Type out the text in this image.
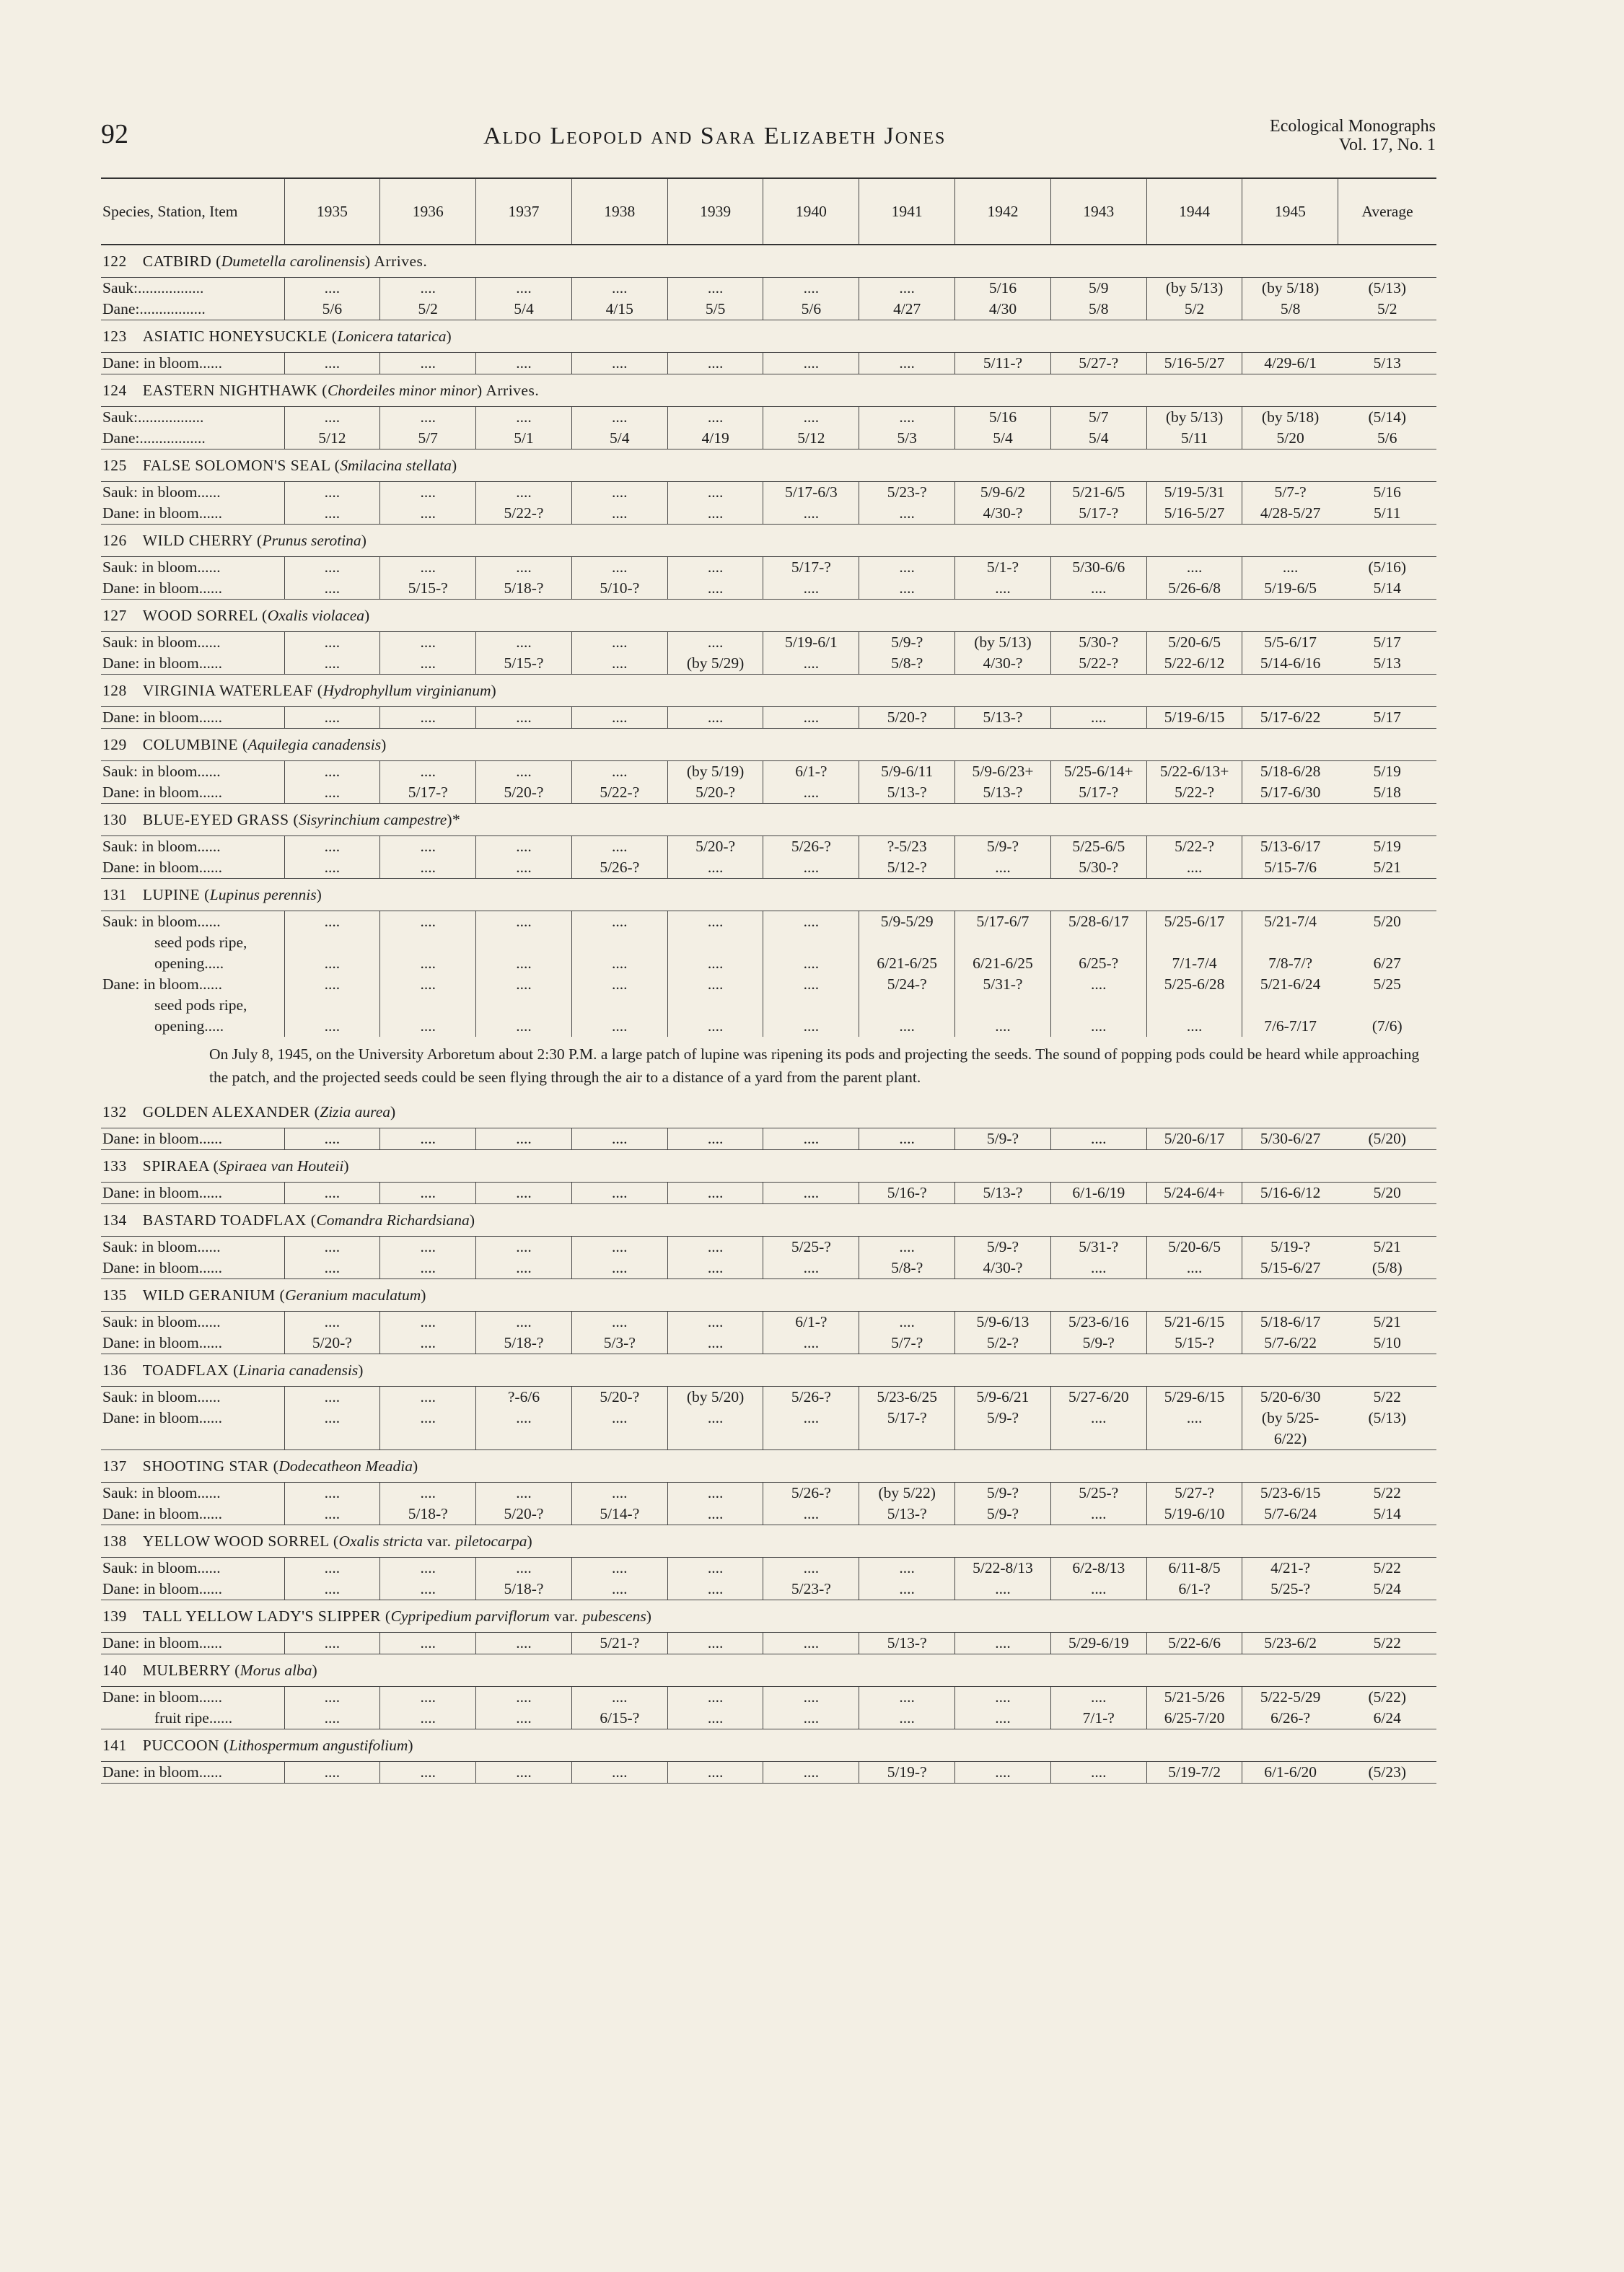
92	Aldo Leopold and Sara Elizabeth Jones	Ecological Monographs
Vol. 17, No. 1
Species, Station, Item	1935	1936	1937	1938	1939	1940	1941	1942	1943	1944	1945	Average
122  CATBIRD (Dumetella carolinensis) Arrives.												
Sauk:.................	....	....	....	....	....	....	....	5/16	5/9	(by 5/13)	(by 5/18)	(5/13)
Dane:.................	5/6	5/2	5/4	4/15	5/5	5/6	4/27	4/30	5/8	5/2	5/8	5/2
123  ASIATIC HONEYSUCKLE (Lonicera tatarica)												
Dane: in bloom......	....	....	....	....	....	....	....	5/11-?	5/27-?	5/16-5/27	4/29-6/1	5/13
124  EASTERN NIGHTHAWK (Chordeiles minor minor) Arrives.												
Sauk:.................	....	....	....	....	....	....	....	5/16	5/7	(by 5/13)	(by 5/18)	(5/14)
Dane:.................	5/12	5/7	5/1	5/4	4/19	5/12	5/3	5/4	5/4	5/11	5/20	5/6
125  FALSE SOLOMON'S SEAL (Smilacina stellata)												
Sauk: in bloom......	....	....	....	....	....	5/17-6/3	5/23-?	5/9-6/2	5/21-6/5	5/19-5/31	5/7-?	5/16
Dane: in bloom......	....	....	5/22-?	....	....	....	....	4/30-?	5/17-?	5/16-5/27	4/28-5/27	5/11
126  WILD CHERRY (Prunus serotina)												
Sauk: in bloom......	....	....	....	....	....	5/17-?	....	5/1-?	5/30-6/6	....	....	(5/16)
Dane: in bloom......	....	5/15-?	5/18-?	5/10-?	....	....	....	....	....	5/26-6/8	5/19-6/5	5/14
127  WOOD SORREL (Oxalis violacea)												
Sauk: in bloom......	....	....	....	....	....	5/19-6/1	5/9-?	(by 5/13)	5/30-?	5/20-6/5	5/5-6/17	5/17
Dane: in bloom......	....	....	5/15-?	....	(by 5/29)	....	5/8-?	4/30-?	5/22-?	5/22-6/12	5/14-6/16	5/13
128  VIRGINIA WATERLEAF (Hydrophyllum virginianum)												
Dane: in bloom......	....	....	....	....	....	....	5/20-?	5/13-?	....	5/19-6/15	5/17-6/22	5/17
129  COLUMBINE (Aquilegia canadensis)												
Sauk: in bloom......	....	....	....	....	(by 5/19)	6/1-?	5/9-6/11	5/9-6/23+	5/25-6/14+	5/22-6/13+	5/18-6/28	5/19
Dane: in bloom......	....	5/17-?	5/20-?	5/22-?	5/20-?	....	5/13-?	5/13-?	5/17-?	5/22-?	5/17-6/30	5/18
130  BLUE-EYED GRASS (Sisyrinchium campestre)*												
Sauk: in bloom......	....	....	....	....	5/20-?	5/26-?	?-5/23	5/9-?	5/25-6/5	5/22-?	5/13-6/17	5/19
Dane: in bloom......	....	....	....	5/26-?	....	....	5/12-?	....	5/30-?	....	5/15-7/6	5/21
131  LUPINE (Lupinus perennis)												
Sauk: in bloom......	....	....	....	....	....	....	5/9-5/29	5/17-6/7	5/28-6/17	5/25-6/17	5/21-7/4	5/20
seed pods ripe,												
opening.....	....	....	....	....	....	....	6/21-6/25	6/21-6/25	6/25-?	7/1-7/4	7/8-7/?	6/27
Dane: in bloom......	....	....	....	....	....	....	5/24-?	5/31-?	....	5/25-6/28	5/21-6/24	5/25
seed pods ripe,												
opening.....	....	....	....	....	....	....	....	....	....	....	7/6-7/17	(7/6)
On July 8, 1945, on the University Arboretum about 2:30 P.M. a large patch of lupine was ripening its pods and projecting the seeds. The sound of popping pods could be heard while approaching the patch, and the projected seeds could be seen flying through the air to a distance of a yard from the parent plant.												
132  GOLDEN ALEXANDER (Zizia aurea)												
Dane: in bloom......	....	....	....	....	....	....	....	5/9-?	....	5/20-6/17	5/30-6/27	(5/20)
133  SPIRAEA (Spiraea van Houteii)												
Dane: in bloom......	....	....	....	....	....	....	5/16-?	5/13-?	6/1-6/19	5/24-6/4+	5/16-6/12	5/20
134  BASTARD TOADFLAX (Comandra Richardsiana)												
Sauk: in bloom......	....	....	....	....	....	5/25-?	....	5/9-?	5/31-?	5/20-6/5	5/19-?	5/21
Dane: in bloom......	....	....	....	....	....	....	5/8-?	4/30-?	....	....	5/15-6/27	(5/8)
135  WILD GERANIUM (Geranium maculatum)												
Sauk: in bloom......	....	....	....	....	....	6/1-?	....	5/9-6/13	5/23-6/16	5/21-6/15	5/18-6/17	5/21
Dane: in bloom......	5/20-?	....	5/18-?	5/3-?	....	....	5/7-?	5/2-?	5/9-?	5/15-?	5/7-6/22	5/10
136  TOADFLAX (Linaria canadensis)												
Sauk: in bloom......	....	....	?-6/6	5/20-?	(by 5/20)	5/26-?	5/23-6/25	5/9-6/21	5/27-6/20	5/29-6/15	5/20-6/30	5/22
Dane: in bloom......	....	....	....	....	....	....	5/17-?	5/9-?	....	....	(by 5/25-	(5/13)
											6/22)	
137  SHOOTING STAR (Dodecatheon Meadia)												
Sauk: in bloom......	....	....	....	....	....	5/26-?	(by 5/22)	5/9-?	5/25-?	5/27-?	5/23-6/15	5/22
Dane: in bloom......	....	5/18-?	5/20-?	5/14-?	....	....	5/13-?	5/9-?	....	5/19-6/10	5/7-6/24	5/14
138  YELLOW WOOD SORREL (Oxalis stricta var. piletocarpa)												
Sauk: in bloom......	....	....	....	....	....	....	....	5/22-8/13	6/2-8/13	6/11-8/5	4/21-?	5/22
Dane: in bloom......	....	....	5/18-?	....	....	5/23-?	....	....	....	6/1-?	5/25-?	5/24
139  TALL YELLOW LADY'S SLIPPER (Cypripedium parviflorum var. pubescens)												
Dane: in bloom......	....	....	....	5/21-?	....	....	5/13-?	....	5/29-6/19	5/22-6/6	5/23-6/2	5/22
140  MULBERRY (Morus alba)												
Dane: in bloom......	....	....	....	....	....	....	....	....	....	5/21-5/26	5/22-5/29	(5/22)
fruit ripe......	....	....	....	6/15-?	....	....	....	....	7/1-?	6/25-7/20	6/26-?	6/24
141  PUCCOON (Lithospermum angustifolium)												
Dane: in bloom......	....	....	....	....	....	....	5/19-?	....	....	5/19-7/2	6/1-6/20	(5/23)
